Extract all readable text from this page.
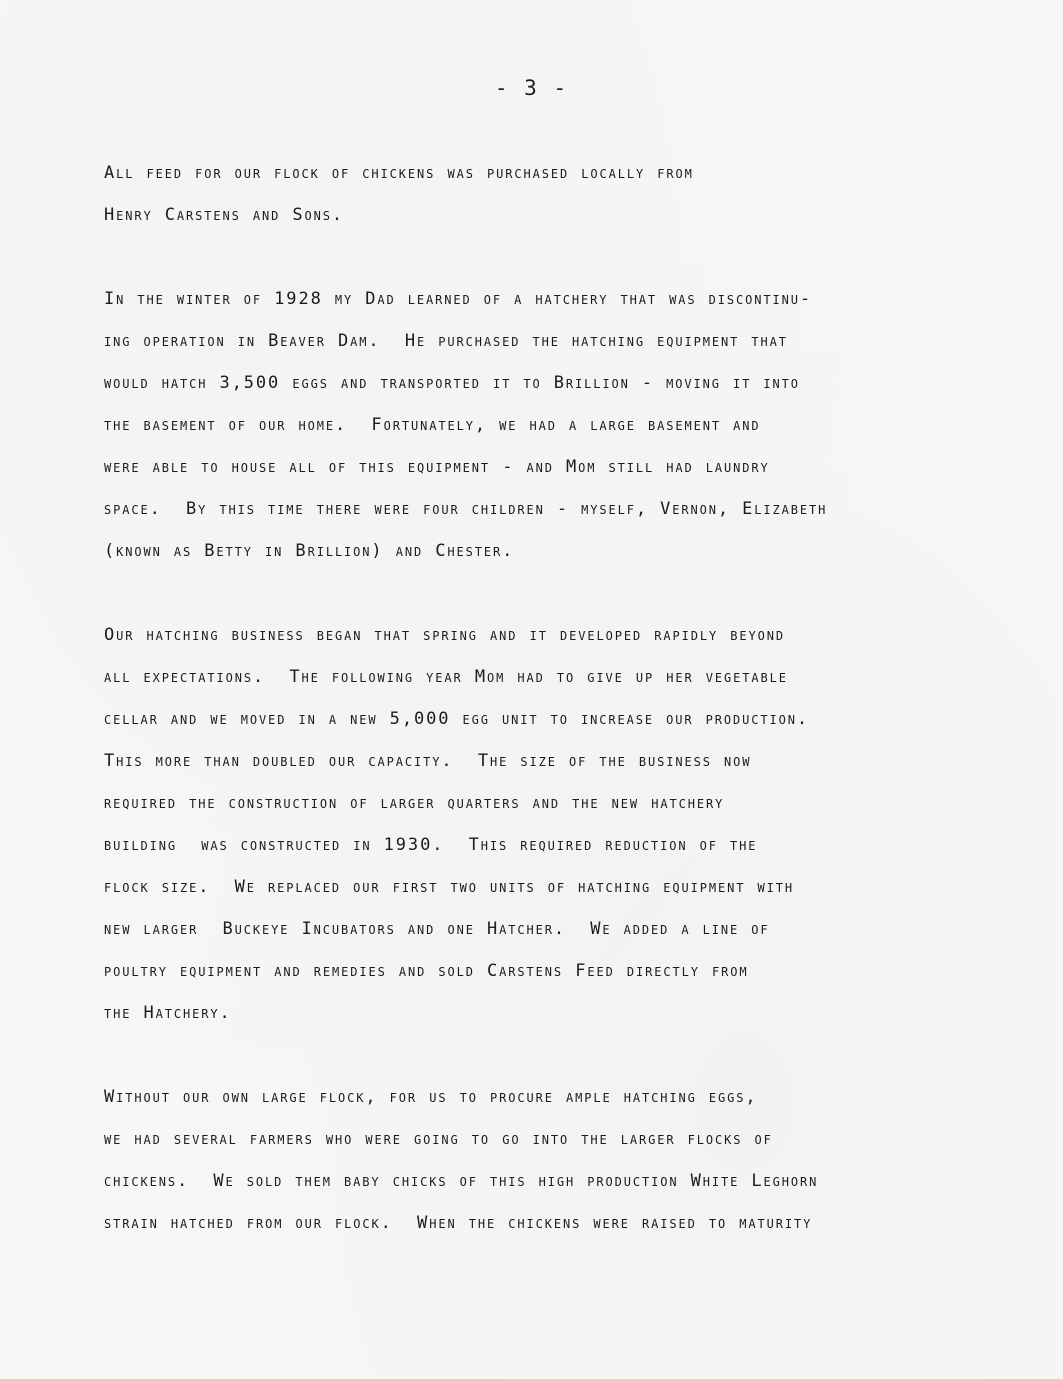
- 3 -
All feed for our flock of chickens was purchased locally from
Henry Carstens and Sons.
In the winter of 1928 my Dad learned of a hatchery that was discontinu-
ing operation in Beaver Dam.  He purchased the hatching equipment that
would hatch 3,500 eggs and transported it to Brillion - moving it into
the basement of our home.  Fortunately, we had a large basement and
were able to house all of this equipment - and Mom still had laundry
space.  By this time there were four children - myself, Vernon, Elizabeth
(known as Betty in Brillion) and Chester.
Our hatching business began that spring and it developed rapidly beyond
all expectations.  The following year Mom had to give up her vegetable
cellar and we moved in a new 5,000 egg unit to increase our production.
This more than doubled our capacity.  The size of the business now
required the construction of larger quarters and the new hatchery
building  was constructed in 1930.  This required reduction of the
flock size.  We replaced our first two units of hatching equipment with
new larger  Buckeye Incubators and one Hatcher.  We added a line of
poultry equipment and remedies and sold Carstens Feed directly from
the Hatchery.
Without our own large flock, for us to procure ample hatching eggs,
we had several farmers who were going to go into the larger flocks of
chickens.  We sold them baby chicks of this high production White Leghorn
strain hatched from our flock.  When the chickens were raised to maturity
